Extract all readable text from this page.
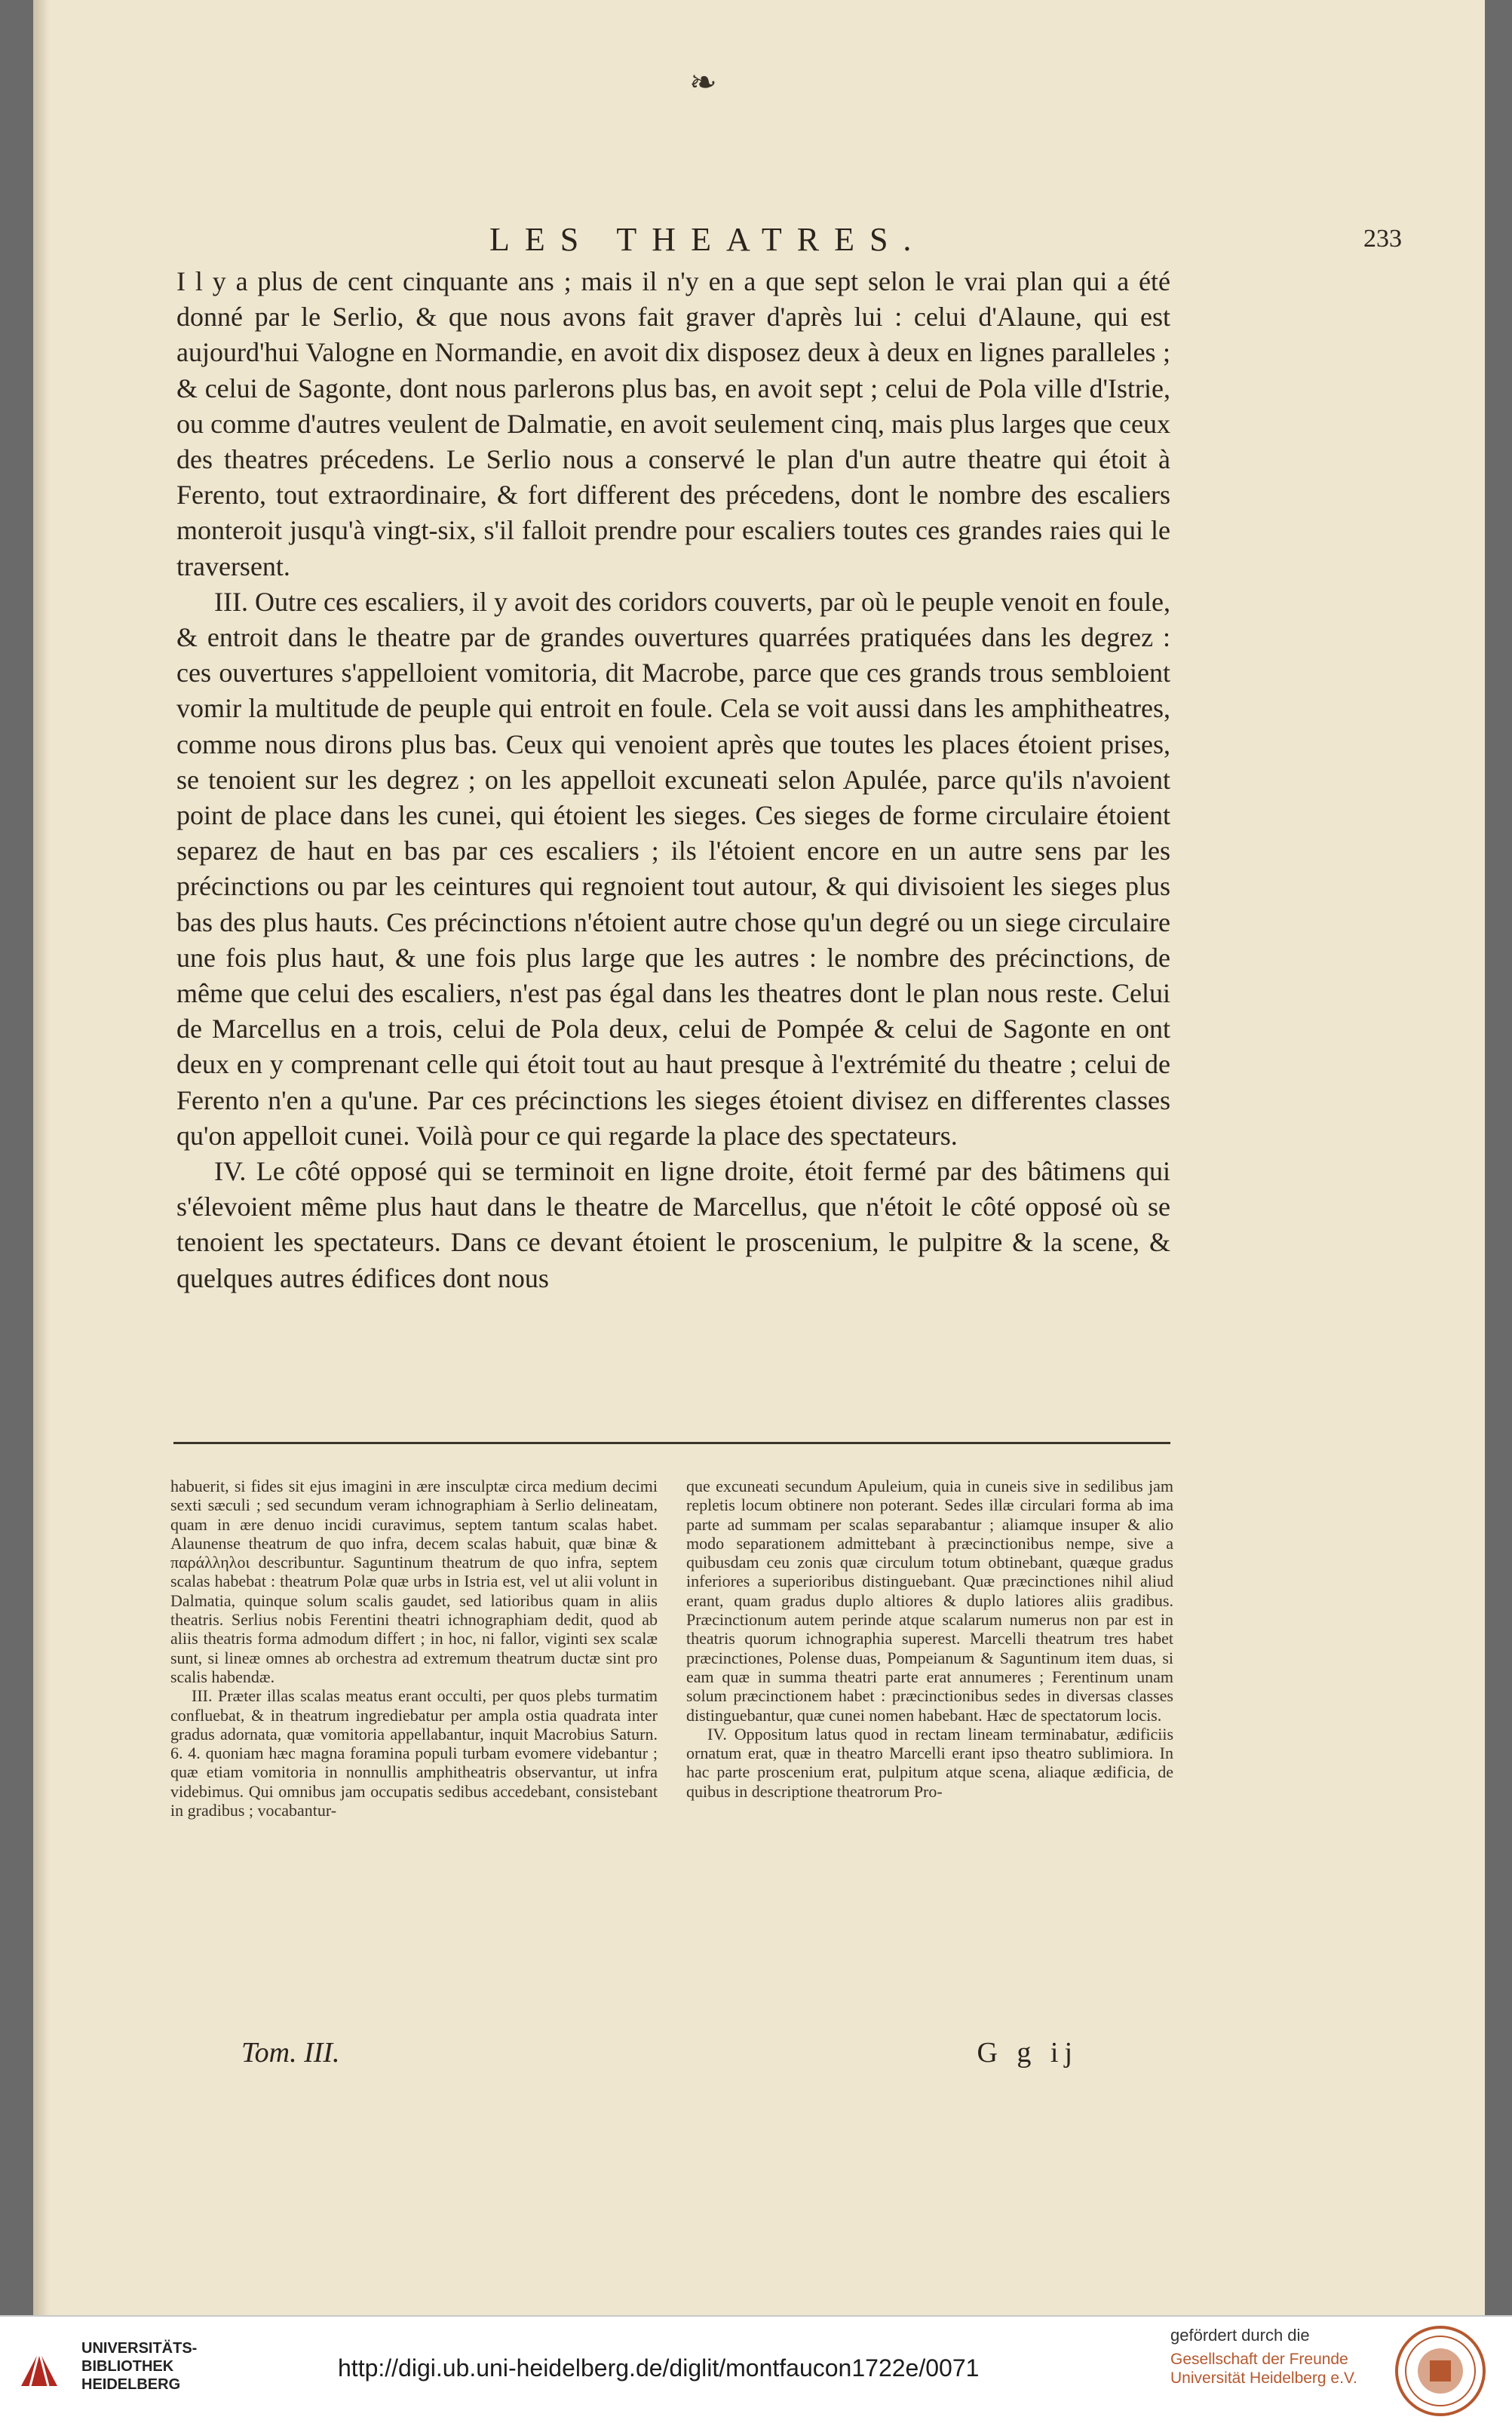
❧
LES THEATRES.	233

I l y a plus de cent cinquante ans ; mais il n'y en a que sept selon le vrai plan qui a été donné par le Serlio, & que nous avons fait graver d'après lui : celui d'Alaune, qui est aujourd'hui Valogne en Normandie, en avoit dix disposez deux à deux en lignes paralleles ; & celui de Sagonte, dont nous parlerons plus bas, en avoit sept ; celui de Pola ville d'Istrie, ou comme d'autres veulent de Dalmatie, en avoit seulement cinq, mais plus larges que ceux des theatres précedens. Le Serlio nous a conservé le plan d'un autre theatre qui étoit à Ferento, tout extraordinaire, & fort different des précedens, dont le nombre des escaliers monteroit jusqu'à vingt-six, s'il falloit prendre pour escaliers toutes ces grandes raies qui le traversent.

III. Outre ces escaliers, il y avoit des coridors couverts, par où le peuple venoit en foule, & entroit dans le theatre par de grandes ouvertures quarrées pratiquées dans les degrez : ces ouvertures s'appelloient vomitoria, dit Macrobe, parce que ces grands trous sembloient vomir la multitude de peuple qui entroit en foule. Cela se voit aussi dans les amphitheatres, comme nous dirons plus bas. Ceux qui venoient après que toutes les places étoient prises, se tenoient sur les degrez ; on les appelloit excuneati selon Apulée, parce qu'ils n'avoient point de place dans les cunei, qui étoient les sieges. Ces sieges de forme circulaire étoient separez de haut en bas par ces escaliers ; ils l'étoient encore en un autre sens par les précinctions ou par les ceintures qui regnoient tout autour, & qui divisoient les sieges plus bas des plus hauts. Ces précinctions n'étoient autre chose qu'un degré ou un siege circulaire une fois plus haut, & une fois plus large que les autres : le nombre des précinctions, de même que celui des escaliers, n'est pas égal dans les theatres dont le plan nous reste. Celui de Marcellus en a trois, celui de Pola deux, celui de Pompée & celui de Sagonte en ont deux en y comprenant celle qui étoit tout au haut presque à l'extrémité du theatre ; celui de Ferento n'en a qu'une. Par ces précinctions les sieges étoient divisez en differentes classes qu'on appelloit cunei. Voilà pour ce qui regarde la place des spectateurs.

IV. Le côté opposé qui se terminoit en ligne droite, étoit fermé par des bâtimens qui s'élevoient même plus haut dans le theatre de Marcellus, que n'étoit le côté opposé où se tenoient les spectateurs. Dans ce devant étoient le proscenium, le pulpitre & la scene, & quelques autres édifices dont nous

habuerit, si fides sit ejus imagini in ære insculptæ circa medium decimi sexti sæculi ; sed secundum veram ichnographiam à Serlio delineatam, quam in ære denuo incidi curavimus, septem tantum scalas habet. Alaunense theatrum de quo infra, decem scalas habuit, quæ binæ & παράλληλοι describuntur. Saguntinum theatrum de quo infra, septem scalas habebat : theatrum Polæ quæ urbs in Istria est, vel ut alii volunt in Dalmatia, quinque solum scalis gaudet, sed latioribus quam in aliis theatris. Serlius nobis Ferentini theatri ichnographiam dedit, quod ab aliis theatris forma admodum differt ; in hoc, ni fallor, viginti sex scalæ sunt, si lineæ omnes ab orchestra ad extremum theatrum ductæ sint pro scalis habendæ.

III. Præter illas scalas meatus erant occulti, per quos plebs turmatim confluebat, & in theatrum ingrediebatur per ampla ostia quadrata inter gradus adornata, quæ vomitoria appellabantur, inquit Macrobius Saturn. 6. 4. quoniam hæc magna foramina populi turbam evomere videbantur ; quæ etiam vomitoria in nonnullis amphitheatris observantur, ut infra videbimus. Qui omnibus jam occupatis sedibus accedebant, consistebant in gradibus ; vocabantur-

que excuneati secundum Apuleium, quia in cuneis sive in sedilibus jam repletis locum obtinere non poterant. Sedes illæ circulari forma ab ima parte ad summam per scalas separabantur ; aliamque insuper & alio modo separationem admittebant à præcinctionibus nempe, sive a quibusdam ceu zonis quæ circulum totum obtinebant, quæque gradus inferiores a superioribus distinguebant. Quæ præcinctiones nihil aliud erant, quam gradus duplo altiores & duplo latiores aliis gradibus. Præcinctionum autem perinde atque scalarum numerus non par est in theatris quorum ichnographia superest. Marcelli theatrum tres habet præcinctiones, Polense duas, Pompeianum & Saguntinum item duas, si eam quæ in summa theatri parte erat annumeres ; Ferentinum unam solum præcinctionem habet : præcinctionibus sedes in diversas classes distinguebantur, quæ cunei nomen habebant. Hæc de spectatorum locis.

IV. Oppositum latus quod in rectam lineam terminabatur, ædificiis ornatum erat, quæ in theatro Marcelli erant ipso theatro sublimiora. In hac parte proscenium erat, pulpitum atque scena, aliaque ædificia, de quibus in descriptione theatrorum Pro-

Tom. III.	G g ij
UNIVERSITÄTS-
BIBLIOTHEK
HEIDELBERG
http://digi.ub.uni-heidelberg.de/diglit/montfaucon1722e/0071
gefördert durch die
Gesellschaft der Freunde
Universität Heidelberg e.V.
